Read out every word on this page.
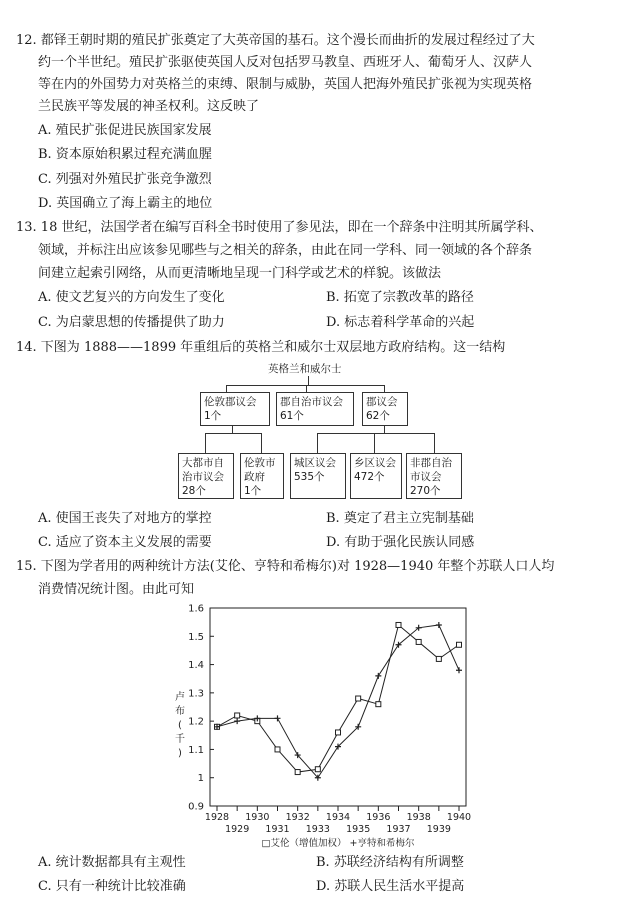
12. 都铎王朝时期的殖民扩张奠定了大英帝国的基石。这个漫长而曲折的发展过程经过了大
约一个半世纪。殖民扩张驱使英国人反对包括罗马教皇、西班牙人、葡萄牙人、汉萨人
等在内的外国势力对英格兰的束缚、限制与威胁，英国人把海外殖民扩张视为实现英格
兰民族平等发展的神圣权利。这反映了
A. 殖民扩张促进民族国家发展
B. 资本原始积累过程充满血腥
C. 列强对外殖民扩张竞争激烈
D. 英国确立了海上霸主的地位
13. 18 世纪，法国学者在编写百科全书时使用了参见法，即在一个辞条中注明其所属学科、
领域，并标注出应该参见哪些与之相关的辞条，由此在同一学科、同一领域的各个辞条
间建立起索引网络，从而更清晰地呈现一门科学或艺术的样貌。该做法
A. 使文艺复兴的方向发生了变化	B. 拓宽了宗教改革的路径
C. 为启蒙思想的传播提供了助力	D. 标志着科学革命的兴起
14. 下图为 1888——1899 年重组后的英格兰和威尔士双层地方政府结构。这一结构
英格兰和威尔士
伦敦郡议会
1个
郡自治市议会
61个
郡议会
62个
大都市自
治市议会
28个
伦敦市
政府
1个
城区议会
535个
乡区议会
472个
非郡自治
市议会
270个
A. 使国王丧失了对地方的掌控	B. 奠定了君主立宪制基础
C. 适应了资本主义发展的需要	D. 有助于强化民族认同感
15. 下图为学者用的两种统计方法(艾伦、亨特和希梅尔)对 1928—1940 年整个苏联人口人均
消费情况统计图。由此可知
0.9
1
1.1
1.2
1.3
1.4
1.5
1.6
卢
布
(
千
)
1928 1930 1932 1934 1936 1938 1940
1929 1931 1933 1935 1937 1939
□艾伦（增值加权） +亨特和希梅尔
A. 统计数据都具有主观性	B. 苏联经济结构有所调整
C. 只有一种统计比较准确	D. 苏联人民生活水平提高
